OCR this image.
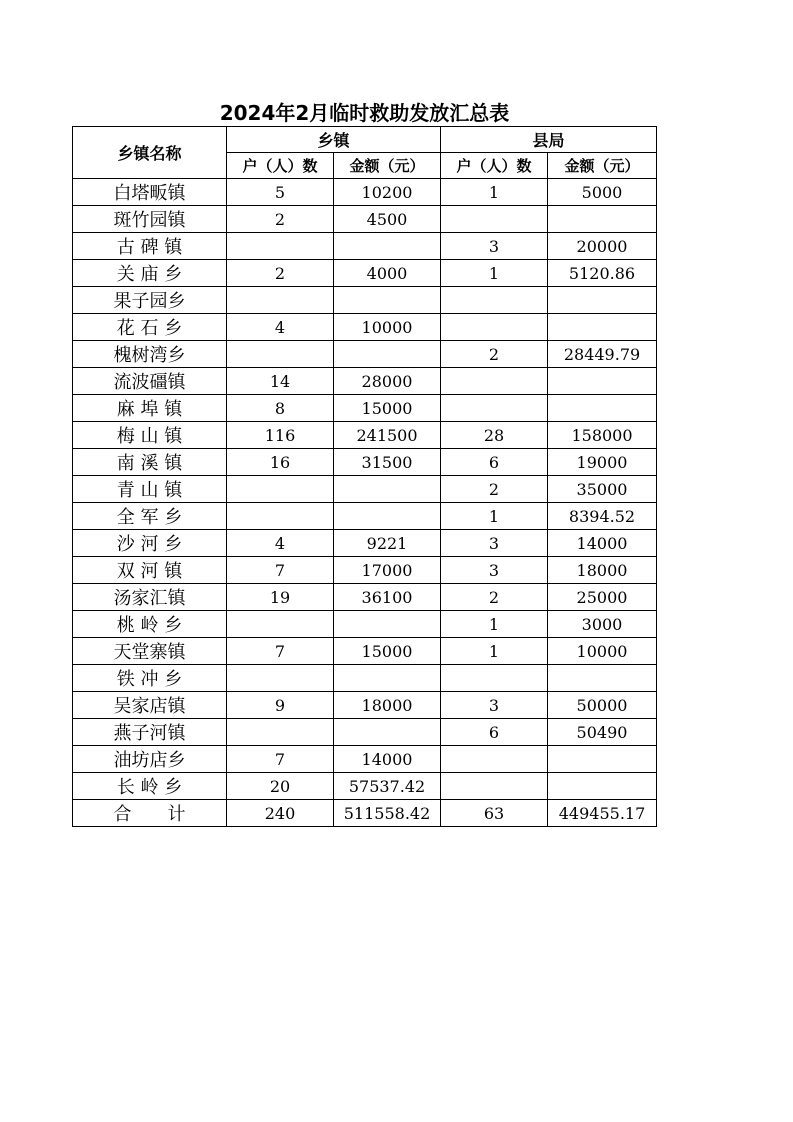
2024年2月临时救助发放汇总表
乡镇名称	乡镇		县局	
	户（人）数	金额（元）	户（人）数	金额（元）
白塔畈镇	5	10200	1	5000
斑竹园镇	2	4500		
古 碑 镇			3	20000
关 庙 乡	2	4000	1	5120.86
果子园乡				
花 石 乡	4	10000		
槐树湾乡			2	28449.79
流波礓镇	14	28000		
麻 埠 镇	8	15000		
梅 山 镇	116	241500	28	158000
南 溪 镇	16	31500	6	19000
青 山 镇			2	35000
全 军 乡			1	8394.52
沙 河 乡	4	9221	3	14000
双 河 镇	7	17000	3	18000
汤家汇镇	19	36100	2	25000
桃 岭 乡			1	3000
天堂寨镇	7	15000	1	10000
铁 冲 乡				
吴家店镇	9	18000	3	50000
燕子河镇			6	50490
油坊店乡	7	14000		
长 岭 乡	20	57537.42		
合　　计	240	511558.42	63	449455.17
